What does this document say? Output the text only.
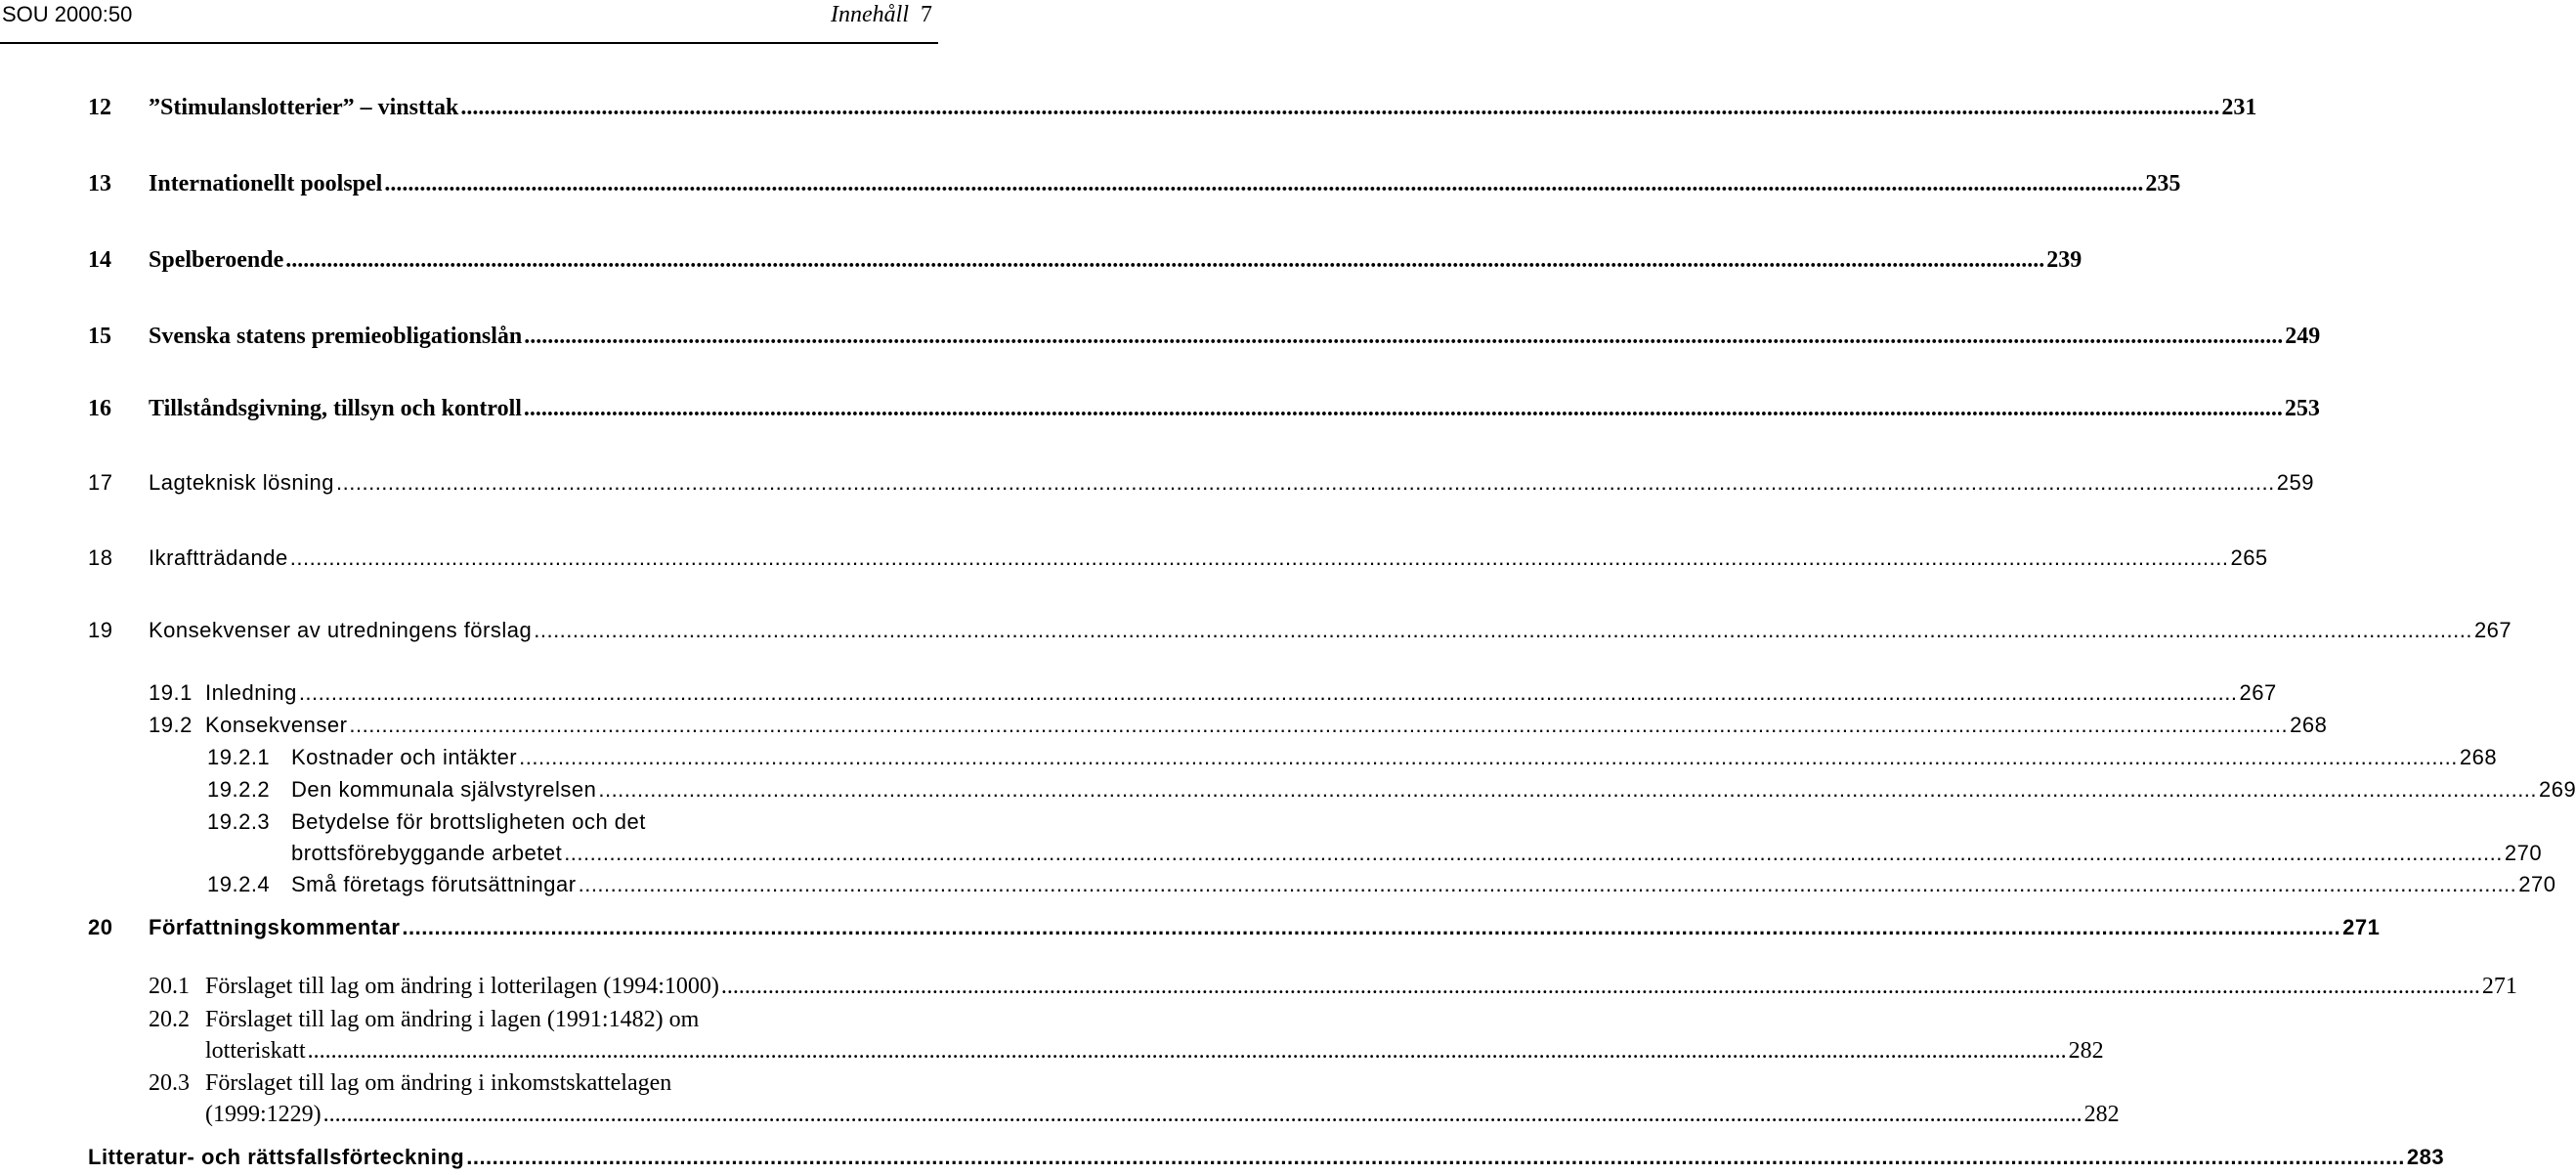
SOU 2000:50	Innehåll 7
12 ”Stimulanslotterier” – vinsttak ............................................................................................................................................................................................................................................................................................................ 231
13 Internationellt poolspel ............................................................................................................................................................................................................................................................................................................ 235
14 Spelberoende ............................................................................................................................................................................................................................................................................................................ 239
15 Svenska statens premieobligationslån ............................................................................................................................................................................................................................................................................................................ 249
16 Tillståndsgivning, tillsyn och kontroll ............................................................................................................................................................................................................................................................................................................ 253
17 Lagteknisk lösning ............................................................................................................................................................................................................................................................................................................ 259
18 Ikraftträdande ............................................................................................................................................................................................................................................................................................................ 265
19 Konsekvenser av utredningens förslag ............................................................................................................................................................................................................................................................................................................ 267
19.1 Inledning ............................................................................................................................................................................................................................................................................................................ 267
19.2 Konsekvenser ............................................................................................................................................................................................................................................................................................................ 268
19.2.1 Kostnader och intäkter ............................................................................................................................................................................................................................................................................................................ 268
19.2.2 Den kommunala självstyrelsen ............................................................................................................................................................................................................................................................................................................ 269
19.2.3 Betydelse för brottsligheten och det
brottsförebyggande arbetet ............................................................................................................................................................................................................................................................................................................ 270
19.2.4 Små företags förutsättningar ............................................................................................................................................................................................................................................................................................................ 270
20 Författningskommentar ............................................................................................................................................................................................................................................................................................................ 271
20.1 Förslaget till lag om ändring i lotterilagen (1994:1000) ............................................................................................................................................................................................................................................................................................................ 271
20.2 Förslaget till lag om ändring i lagen (1991:1482) om
lotteriskatt ............................................................................................................................................................................................................................................................................................................ 282
20.3 Förslaget till lag om ändring i inkomstskattelagen
(1999:1229) ............................................................................................................................................................................................................................................................................................................ 282
Litteratur- och rättsfallsförteckning ............................................................................................................................................................................................................................................................................................................ 283
